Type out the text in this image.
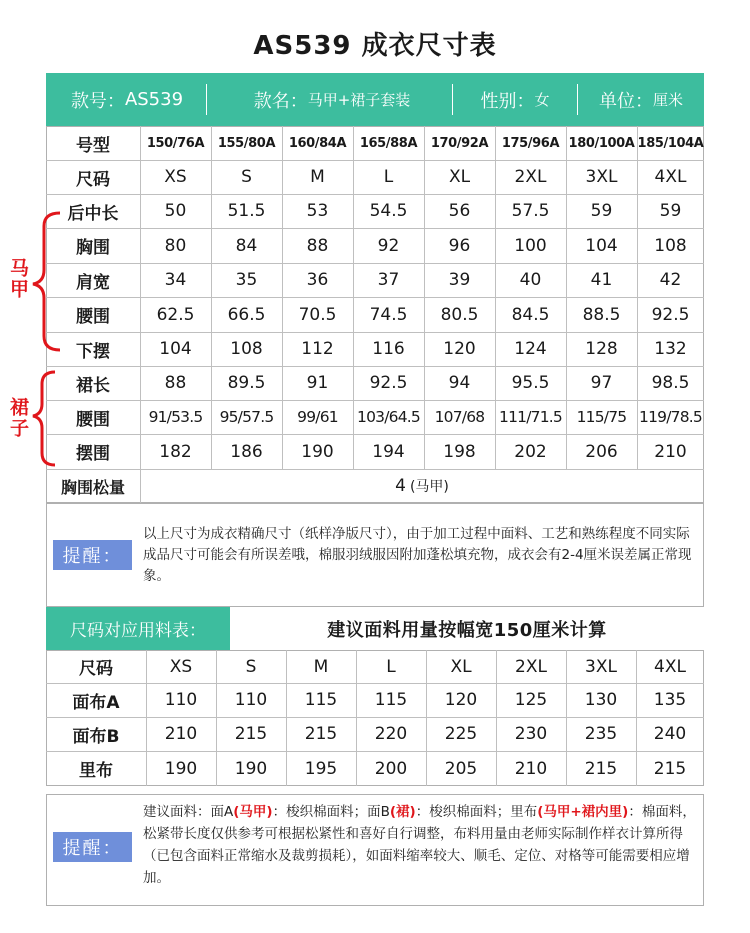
AS539 成衣尺寸表
款号： AS539	款名： 马甲+裙子套装	性别： 女	单位： 厘米
号型	150/76A	155/80A	160/84A	165/88A	170/92A	175/96A 180/100A 185/104A
尺码	XS	S	M	L	XL	2XL	3XL	4XL
后中长	50	51.5	53	54.5	56	57.5	59	59
胸围	80	84	88	92	96	100	104	108
肩宽	34	35	36	37	39	40	41	42
腰围	62.5	66.5	70.5	74.5	80.5	84.5	88.5	92.5
下摆	104	108	112	116	120	124	128	132
裙长	88	89.5	91	92.5	94	95.5	97	98.5
腰围	91/53.5	95/57.5	99/61	103/64.5 107/68 111/71.5 115/75 119/78.5
摆围	182	186	190	194	198	202	206	210
胸围松量	4 (马甲)
马甲
裙子
提醒：
以上尺寸为成衣精确尺寸（纸样净版尺寸），由于加工过程中面料、工艺和熟练程度不同实际成品尺寸可能会有所误差哦，棉服羽绒服因附加蓬松填充物，成衣会有2-4厘米误差属正常现象。
尺码对应用料表：	建议面料用量按幅宽150厘米计算
尺码	XS	S	M	L	XL	2XL	3XL	4XL
面布A	110	110	115	115	120	125	130	135
面布B	210	215	215	220	225	230	235	240
里布	190	190	195	200	205	210	215	215
提醒：
建议面料：面A(马甲)：梭织棉面料；面B(裙)：梭织棉面料；里布(马甲+裙内里)：棉面料，松紧带长度仅供参考可根据松紧性和喜好自行调整，布料用量由老师实际制作样衣计算所得（已包含面料正常缩水及裁剪损耗），如面料缩率较大、顺毛、定位、对格等可能需要相应增加。
